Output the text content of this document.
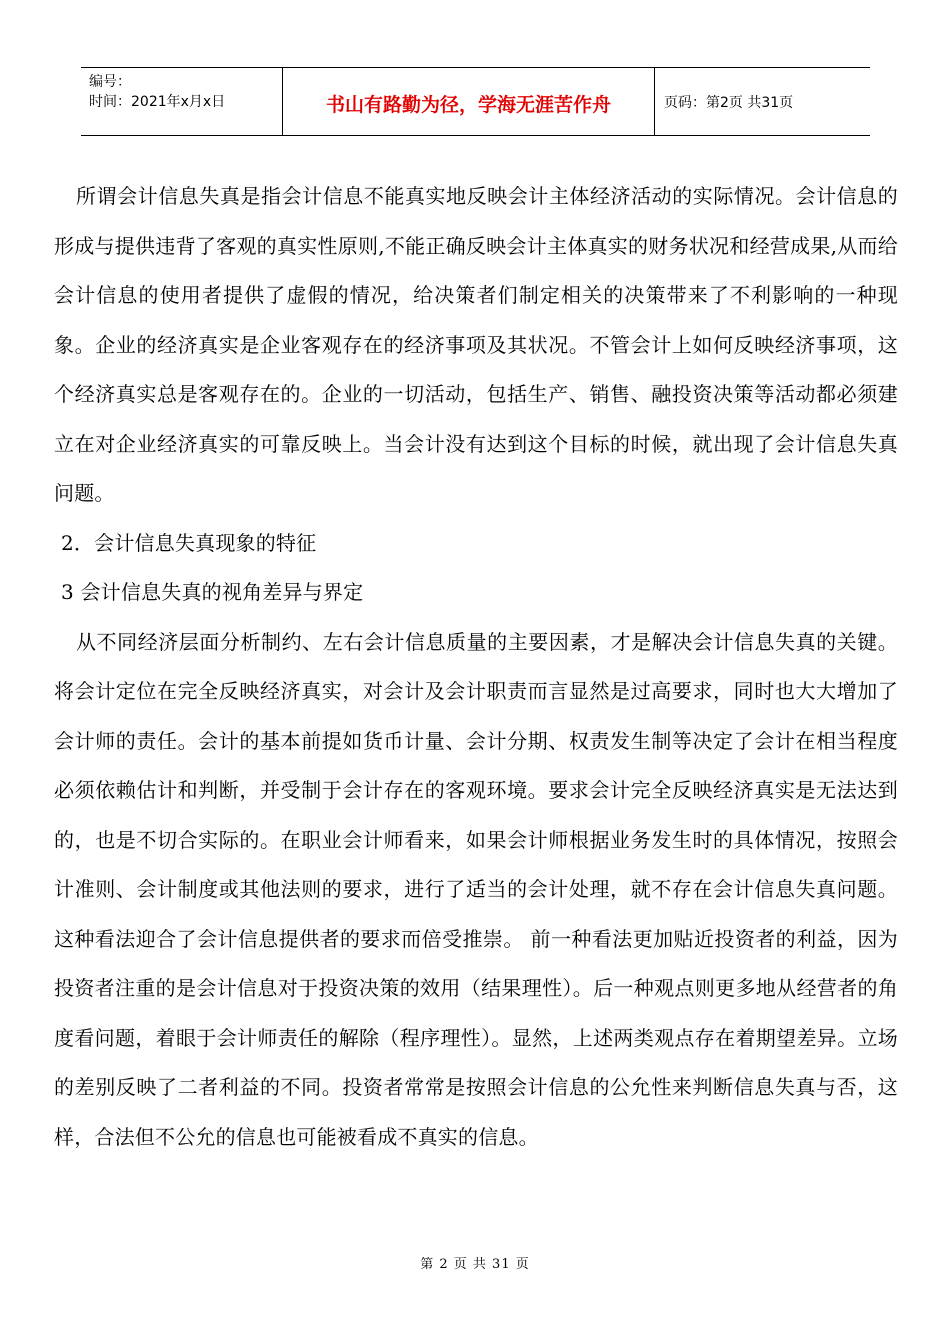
编号：
时间：2021年x月x日	书山有路勤为径，学海无涯苦作舟	页码：第2页 共31页

所谓会计信息失真是指会计信息不能真实地反映会计主体经济活动的实际情况。会计信息的形成与提供违背了客观的真实性原则,不能正确反映会计主体真实的财务状况和经营成果,从而给会计信息的使用者提供了虚假的情况，给决策者们制定相关的决策带来了不利影响的一种现象。企业的经济真实是企业客观存在的经济事项及其状况。不管会计上如何反映经济事项，这个经济真实总是客观存在的。企业的一切活动，包括生产、销售、融投资决策等活动都必须建立在对企业经济真实的可靠反映上。当会计没有达到这个目标的时候，就出现了会计信息失真问题。

2．会计信息失真现象的特征

3 会计信息失真的视角差异与界定

从不同经济层面分析制约、左右会计信息质量的主要因素，才是解决会计信息失真的关键。将会计定位在完全反映经济真实，对会计及会计职责而言显然是过高要求，同时也大大增加了会计师的责任。会计的基本前提如货币计量、会计分期、权责发生制等决定了会计在相当程度必须依赖估计和判断，并受制于会计存在的客观环境。要求会计完全反映经济真实是无法达到的，也是不切合实际的。在职业会计师看来，如果会计师根据业务发生时的具体情况，按照会计准则、会计制度或其他法则的要求，进行了适当的会计处理，就不存在会计信息失真问题。这种看法迎合了会计信息提供者的要求而倍受推崇。 前一种看法更加贴近投资者的利益，因为投资者注重的是会计信息对于投资决策的效用（结果理性）。后一种观点则更多地从经营者的角度看问题，着眼于会计师责任的解除（程序理性）。显然，上述两类观点存在着期望差异。立场的差别反映了二者利益的不同。投资者常常是按照会计信息的公允性来判断信息失真与否，这样，合法但不公允的信息也可能被看成不真实的信息。

第 2 页 共 31 页
